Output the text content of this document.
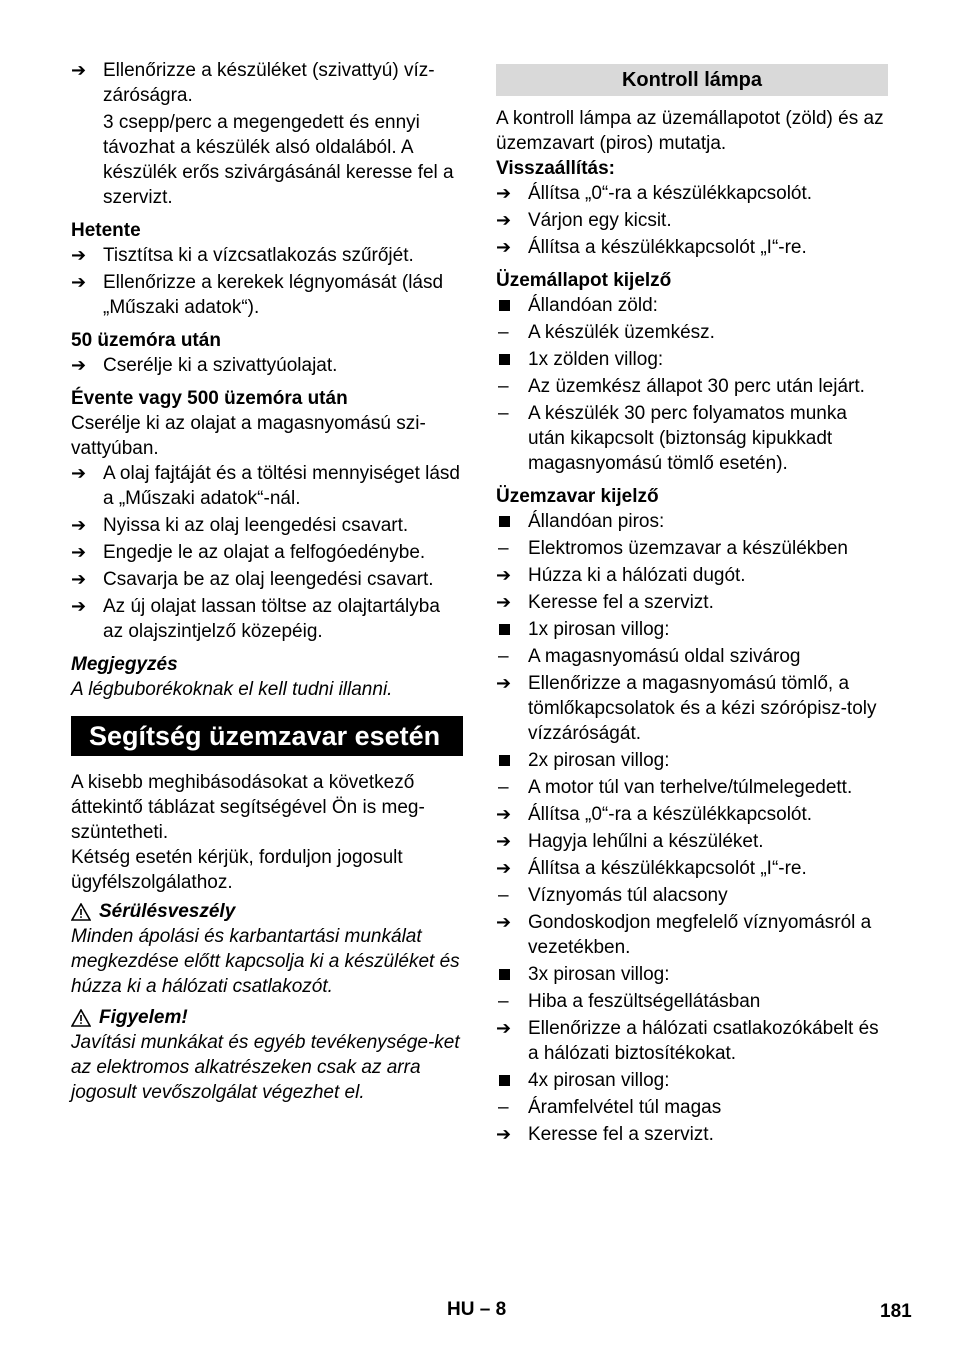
➔ Ellenőrizze a készüléket (szivattyú) víz-
záróságra.
3 csepp/perc a megengedett és ennyi távozhat a készülék alsó oldalából. A készülék erős szivárgásánál keresse fel a szervizt.
Hetente
➔ Tisztítsa ki a vízcsatlakozás szűrőjét.
➔ Ellenőrizze a kerekek légnyomását (lásd „Műszaki adatok“).
50 üzemóra után
➔ Cserélje ki a szivattyúolajat.
Évente vagy 500 üzemóra után
Cserélje ki az olajat a magasnyomású szi-vattyúban.
➔ A olaj fajtáját és a töltési mennyiséget lásd a „Műszaki adatok“-nál.
➔ Nyissa ki az olaj leengedési csavart.
➔ Engedje le az olajat a felfogóedénybe.
➔ Csavarja be az olaj leengedési csavart.
➔ Az új olajat lassan töltse az olajtartályba az olajszintjelző közepéig.
Megjegyzés
A légbuborékoknak el kell tudni illanni.
Segítség üzemzavar esetén
A kisebb meghibásodásokat a következő áttekintő táblázat segítségével Ön is meg-szüntetheti.
Kétség esetén kérjük, forduljon jogosult ügyfélszolgálathoz.
Sérülésveszély
Minden ápolási és karbantartási munkálat megkezdése előtt kapcsolja ki a készüléket és húzza ki a hálózati csatlakozót.
Figyelem!
Javítási munkákat és egyéb tevékenysége-ket az elektromos alkatrészeken csak az arra jogosult vevőszolgálat végezhet el.
Kontroll lámpa
A kontroll lámpa az üzemállapotot (zöld) és az üzemzavart (piros) mutatja.
Visszaállítás:
➔ Állítsa „0“-ra a készülékkapcsolót.
➔ Várjon egy kicsit.
➔ Állítsa a készülékkapcsolót „I“-re.
Üzemállapot kijelző
Állandóan zöld:
–	A készülék üzemkész.
1x zölden villog:
–	Az üzemkész állapot 30 perc után lejárt.
–	A készülék 30 perc folyamatos munka után kikapcsolt (biztonság kipukkadt magasnyomású tömlő esetén).
Üzemzavar kijelző
Állandóan piros:
–	Elektromos üzemzavar a készülékben
➔ Húzza ki a hálózati dugót.
➔ Keresse fel a szervizt.
1x pirosan villog:
–	A magasnyomású oldal szivárog
➔ Ellenőrizze a magasnyomású tömlő, a tömlőkapcsolatok és a kézi szórópisz-toly vízzáróságát.
2x pirosan villog:
–	A motor túl van terhelve/túlmelegedett.
➔ Állítsa „0“-ra a készülékkapcsolót.
➔ Hagyja lehűlni a készüléket.
➔ Állítsa a készülékkapcsolót „I“-re.
–	Víznyomás túl alacsony
➔ Gondoskodjon megfelelő víznyomásról a vezetékben.
3x pirosan villog:
–	Hiba a feszültségellátásban
➔ Ellenőrizze a hálózati csatlakozókábelt és a hálózati biztosítékokat.
4x pirosan villog:
–	Áramfelvétel túl magas
➔ Keresse fel a szervizt.
HU – 8	181
